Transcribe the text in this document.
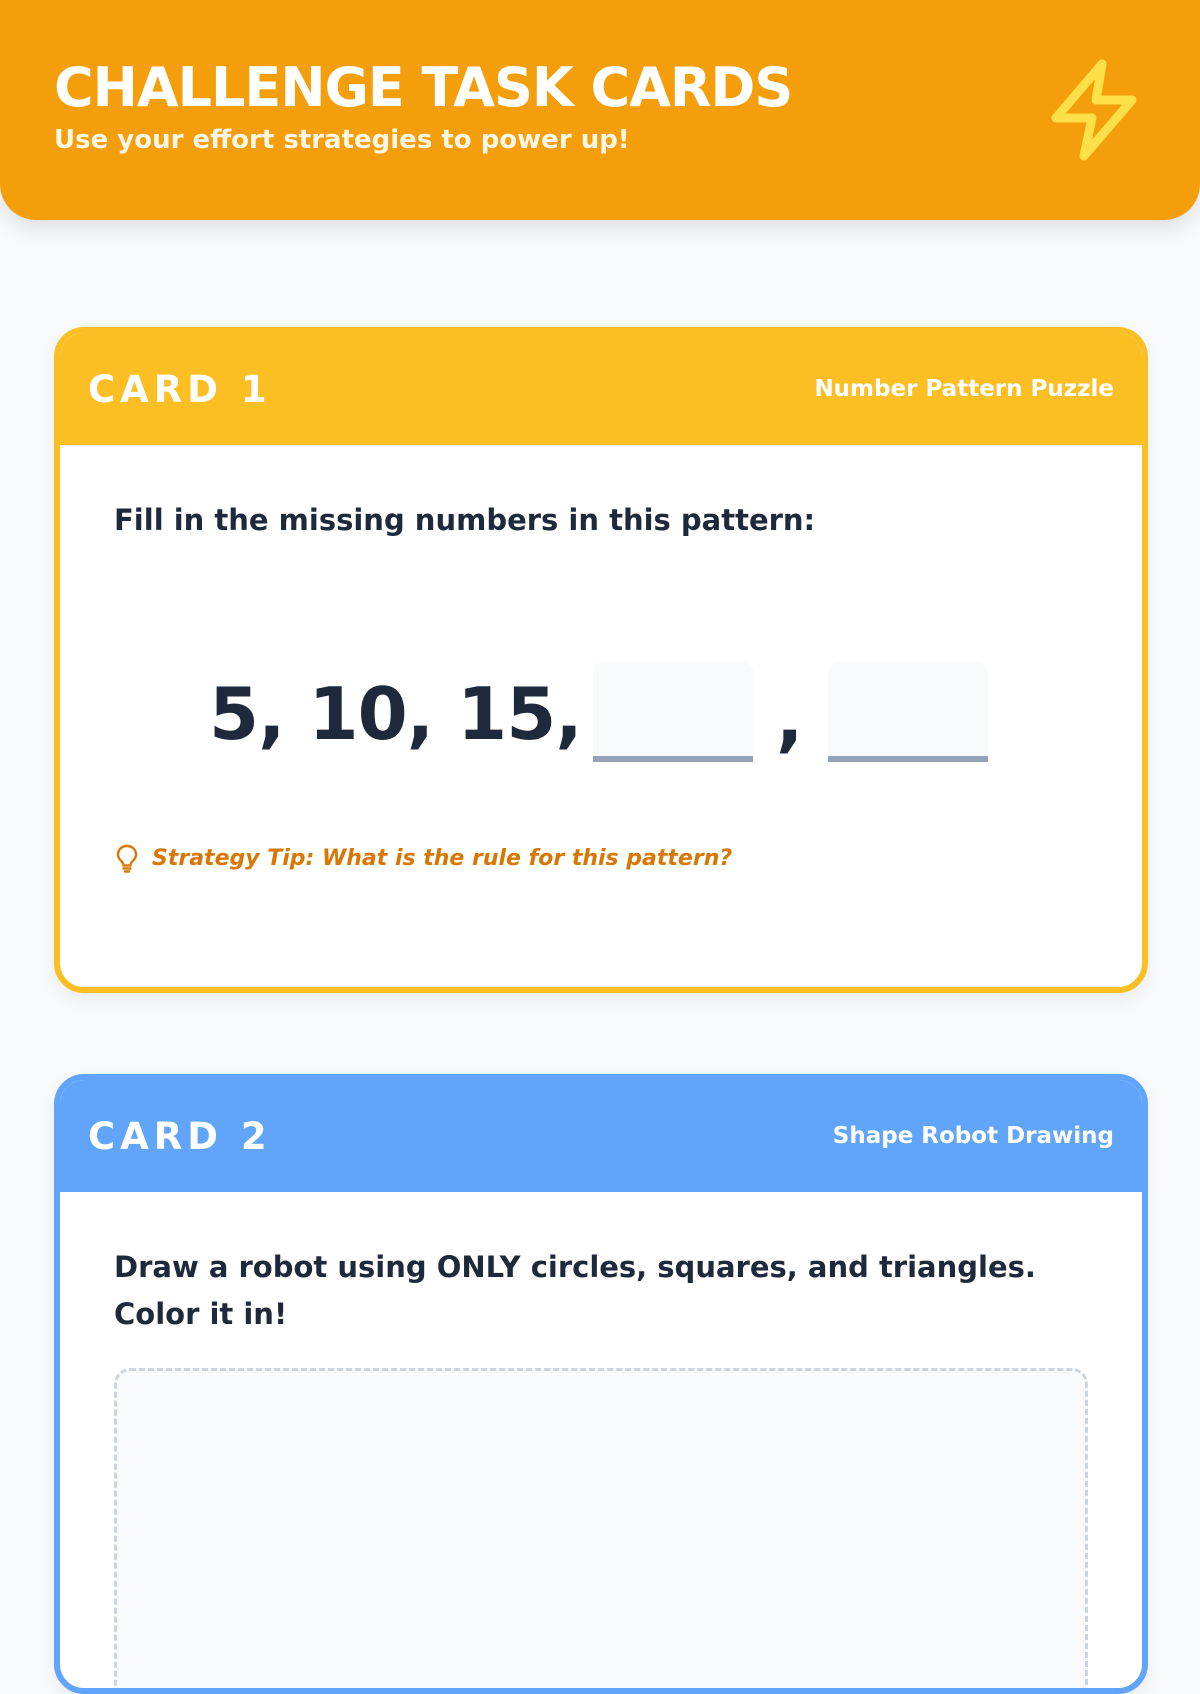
CHALLENGE TASK CARDS
Use your effort strategies to power up!
CARD 1	Number Pattern Puzzle

Fill in the missing numbers in this pattern:

5, 10, 15,	,
Strategy Tip: What is the rule for this pattern?
CARD 2	Shape Robot Drawing

Draw a robot using ONLY circles, squares, and triangles. Color it in!
